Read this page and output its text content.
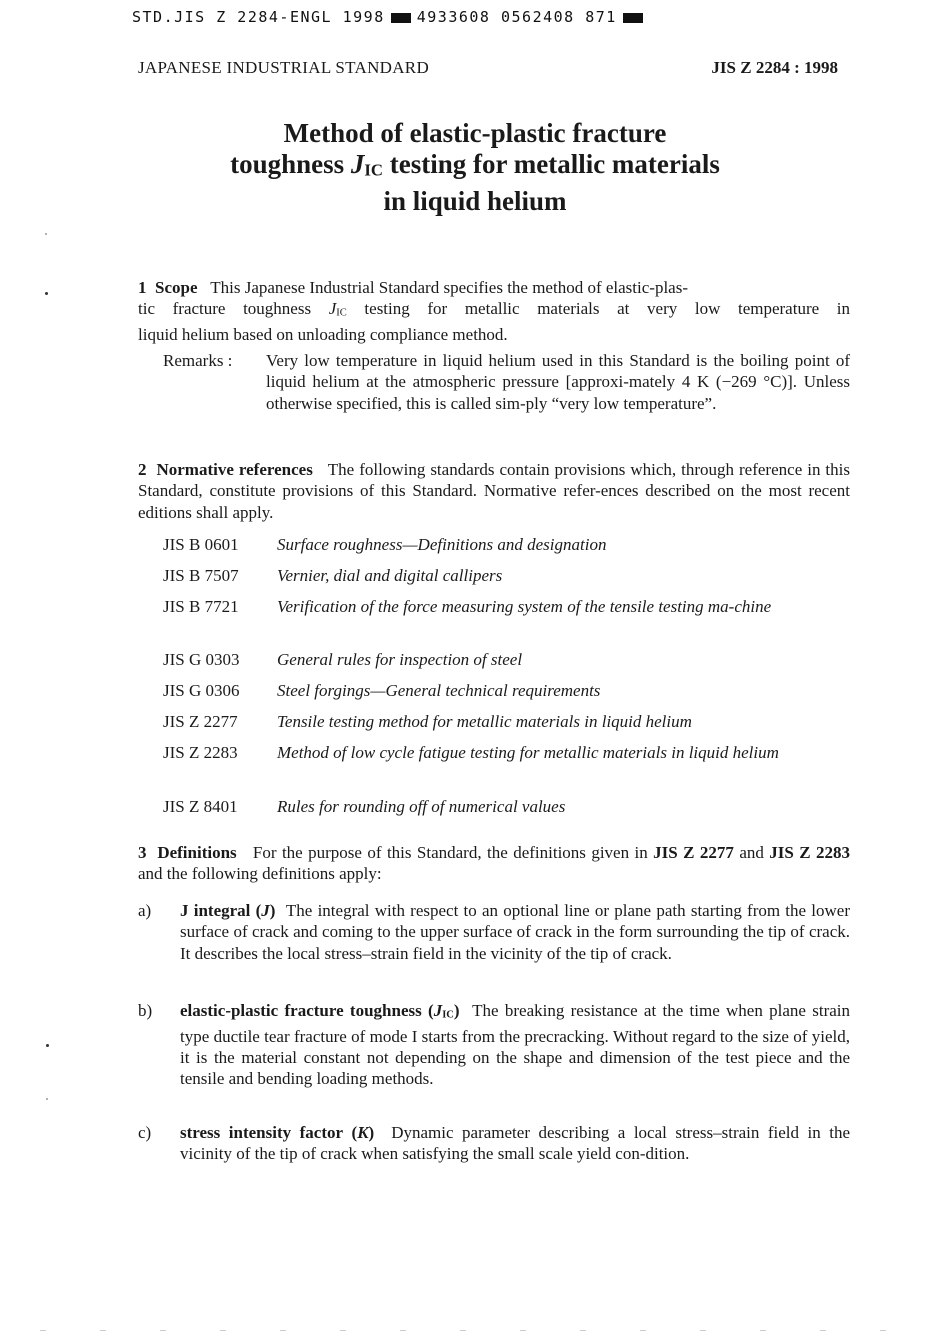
STD.JIS Z 2284-ENGL 1998 4933608 0562408 871
JAPANESE INDUSTRIAL STANDARD	JIS Z 2284 : 1998
Method of elastic-plastic fracture
toughness JIC testing for metallic materials
in liquid helium
1 Scope This Japanese Industrial Standard specifies the method of elastic-plas-
tic fracture toughness JIC testing for metallic materials at very low temperature in
liquid helium based on unloading compliance method.
Remarks : Very low temperature in liquid helium used in this Standard is the boiling point of liquid helium at the atmospheric pressure [approxi-mately 4 K (−269 °C)]. Unless otherwise specified, this is called sim-ply “very low temperature”.
2 Normative references The following standards contain provisions which, through reference in this Standard, constitute provisions of this Standard. Normative refer-ences described on the most recent editions shall apply.
JIS B 0601	Surface roughness—Definitions and designation
JIS B 7507	Vernier, dial and digital callipers
JIS B 7721	Verification of the force measuring system of the tensile testing ma-chine
JIS G 0303	General rules for inspection of steel
JIS G 0306	Steel forgings—General technical requirements
JIS Z 2277	Tensile testing method for metallic materials in liquid helium
JIS Z 2283	Method of low cycle fatigue testing for metallic materials in liquid helium
JIS Z 8401	Rules for rounding off of numerical values
3 Definitions For the purpose of this Standard, the definitions given in JIS Z 2277 and JIS Z 2283 and the following definitions apply:
a)	J integral (J) The integral with respect to an optional line or plane path starting from the lower surface of crack and coming to the upper surface of crack in the form surrounding the tip of crack. It describes the local stress–strain field in the vicinity of the tip of crack.
b)	elastic-plastic fracture toughness (JIC) The breaking resistance at the time when plane strain type ductile tear fracture of mode I starts from the precracking. Without regard to the size of yield, it is the material constant not depending on the shape and dimension of the test piece and the tensile and bending loading methods.
c)	stress intensity factor (K) Dynamic parameter describing a local stress–strain field in the vicinity of the tip of crack when satisfying the small scale yield con-dition.
